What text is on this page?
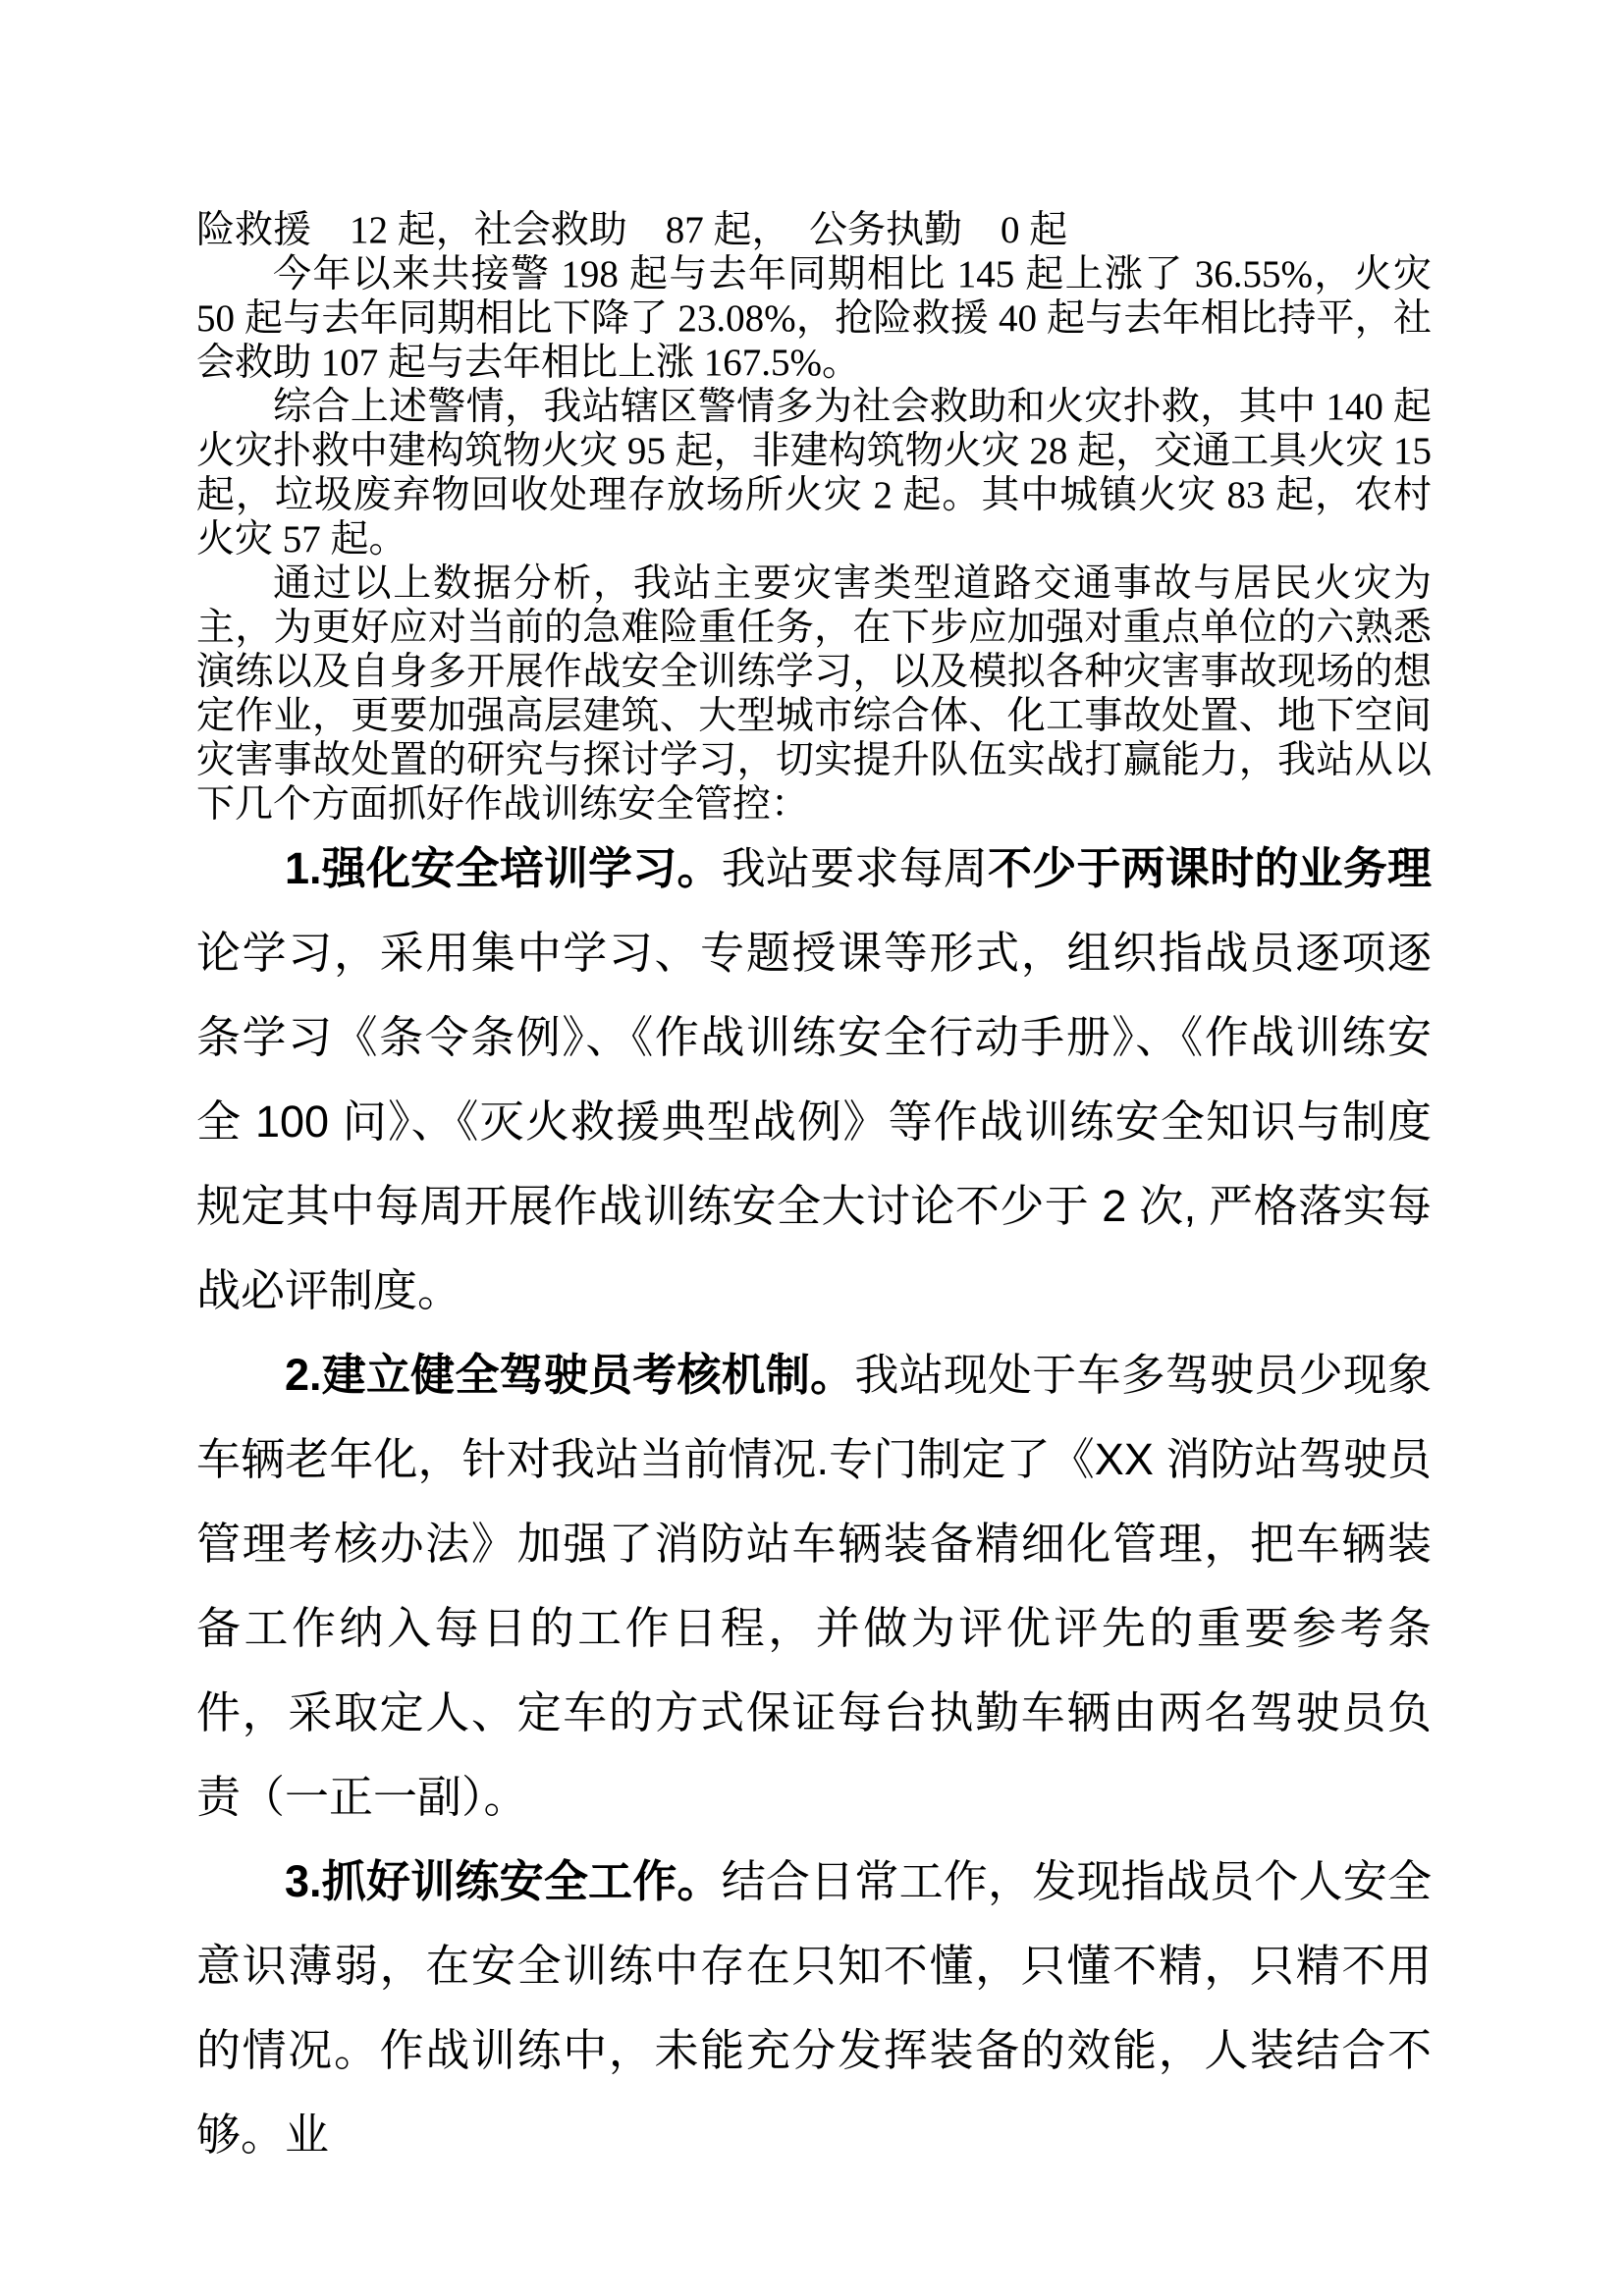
险救援　12 起，社会救助　87 起，　公务执勤　0 起

今年以来共接警 198 起与去年同期相比 145 起上涨了 36.55%，火灾 50 起与去年同期相比下降了 23.08%，抢险救援 40 起与去年相比持平，社会救助 107 起与去年相比上涨 167.5%。

综合上述警情，我站辖区警情多为社会救助和火灾扑救，其中 140 起火灾扑救中建构筑物火灾 95 起，非建构筑物火灾 28 起，交通工具火灾 15 起，垃圾废弃物回收处理存放场所火灾 2 起。其中城镇火灾 83 起，农村火灾 57 起。

通过以上数据分析，我站主要灾害类型道路交通事故与居民火灾为主，为更好应对当前的急难险重任务，在下步应加强对重点单位的六熟悉演练以及自身多开展作战安全训练学习，以及模拟各种灾害事故现场的想定作业，更要加强高层建筑、大型城市综合体、化工事故处置、地下空间灾害事故处置的研究与探讨学习，切实提升队伍实战打赢能力，我站从以下几个方面抓好作战训练安全管控：

1.强化安全培训学习。我站要求每周不少于两课时的业务理论学习，采用集中学习、专题授课等形式，组织指战员逐项逐条学习《条令条例》、《作战训练安全行动手册》、《作战训练安全 100 问》、《灭火救援典型战例》等作战训练安全知识与制度规定其中每周开展作战训练安全大讨论不少于 2 次, 严格落实每战必评制度。

2.建立健全驾驶员考核机制。我站现处于车多驾驶员少现象车辆老年化，针对我站当前情况.专门制定了《XX 消防站驾驶员管理考核办法》加强了消防站车辆装备精细化管理，把车辆装备工作纳入每日的工作日程，并做为评优评先的重要参考条件，采取定人、定车的方式保证每台执勤车辆由两名驾驶员负责（一正一副）。

3.抓好训练安全工作。结合日常工作，发现指战员个人安全意识薄弱，在安全训练中存在只知不懂，只懂不精，只精不用的情况。作战训练中，未能充分发挥装备的效能，人装结合不够。业
